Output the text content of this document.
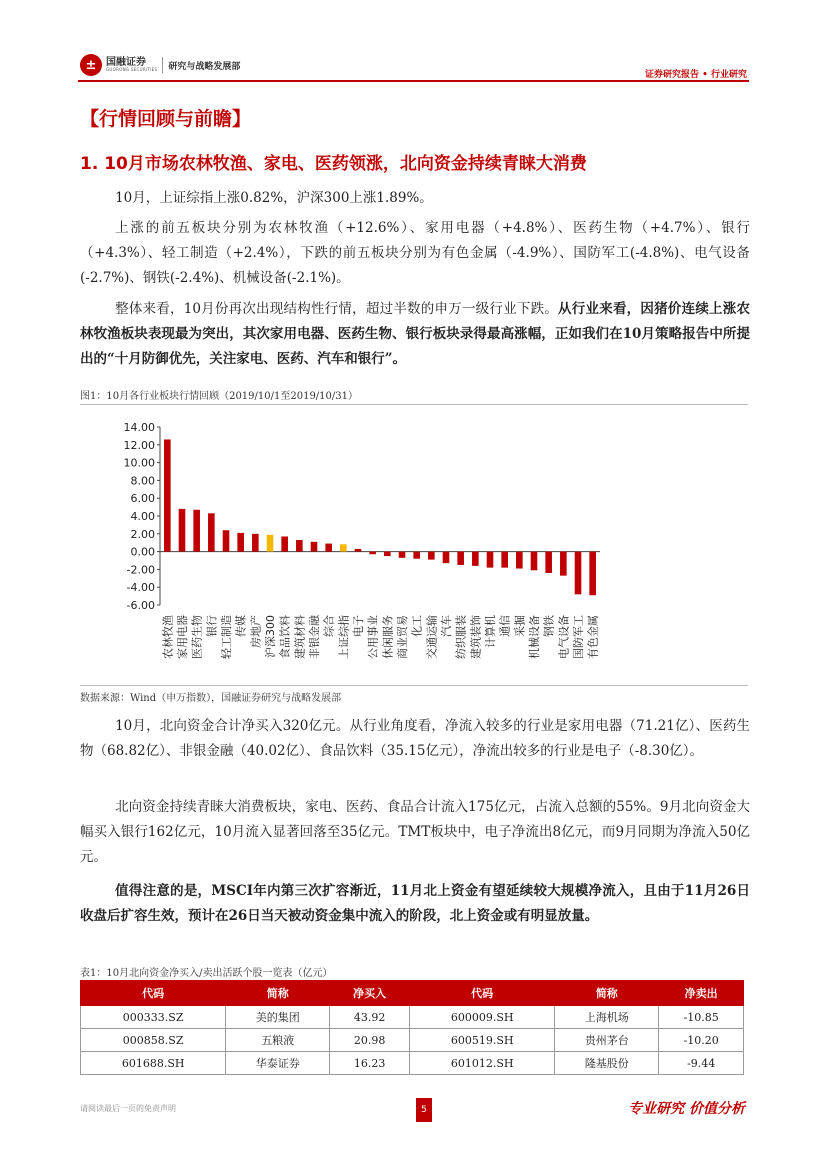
± 国融证券
GUORONG SECURITIES 研究与战略发展部
证券研究报告 • 行业研究
【行情回顾与前瞻】
1. 10月市场农林牧渔、家电、医药领涨，北向资金持续青睐大消费

10月，上证综指上涨0.82%，沪深300上涨1.89%。

上涨的前五板块分别为农林牧渔（+12.6%）、家用电器（+4.8%）、医药生物（+4.7%）、银行（+4.3%）、轻工制造（+2.4%），下跌的前五板块分别为有色金属（-4.9%）、国防军工(-4.8%)、电气设备(-2.7%)、钢铁(-2.4%)、机械设备(-2.1%)。

整体来看，10月份再次出现结构性行情，超过半数的申万一级行业下跌。从行业来看，因猪价连续上涨农林牧渔板块表现最为突出，其次家用电器、医药生物、银行板块录得最高涨幅，正如我们在10月策略报告中所提出的“十月防御优先，关注家电、医药、汽车和银行”。

图1：10月各行业板块行情回顾（2019/10/1至2019/10/31）
14.00
12.00
10.00
8.00
6.00
4.00
2.00
0.00
-2.00
-4.00
-6.00
农林牧渔 家用电器 医药生物 银行 轻工制造 传媒 房地产 沪深300 食品饮料 建筑材料 非银金融 综合 上证综指 电子 公用事业 休闲服务 商业贸易 化工 交通运输 汽车 纺织服装 建筑装饰 计算机 通信 采掘 机械设备 钢铁 电气设备 国防军工 有色金属
数据来源：Wind（申万指数），国融证券研究与战略发展部

10月，北向资金合计净买入320亿元。从行业角度看，净流入较多的行业是家用电器（71.21亿）、医药生物（68.82亿）、非银金融（40.02亿）、食品饮料（35.15亿元），净流出较多的行业是电子（-8.30亿）。

北向资金持续青睐大消费板块，家电、医药、食品合计流入175亿元，占流入总额的55%。9月北向资金大幅买入银行162亿元，10月流入显著回落至35亿元。TMT板块中，电子净流出8亿元，而9月同期为净流入50亿元。

值得注意的是，MSCI年内第三次扩容渐近，11月北上资金有望延续较大规模净流入，且由于11月26日收盘后扩容生效，预计在26日当天被动资金集中流入的阶段，北上资金或有明显放量。

表1：10月北向资金净买入/卖出活跃个股一览表（亿元）
代码	简称	净买入	代码	简称	净卖出
000333.SZ	美的集团	43.92	600009.SH	上海机场	-10.85
000858.SZ	五粮液	20.98	600519.SH	贵州茅台	-10.20
601688.SH	华泰证券	16.23	601012.SH	隆基股份	-9.44
请阅读最后一页的免责声明	5	专业研究 价值分析
